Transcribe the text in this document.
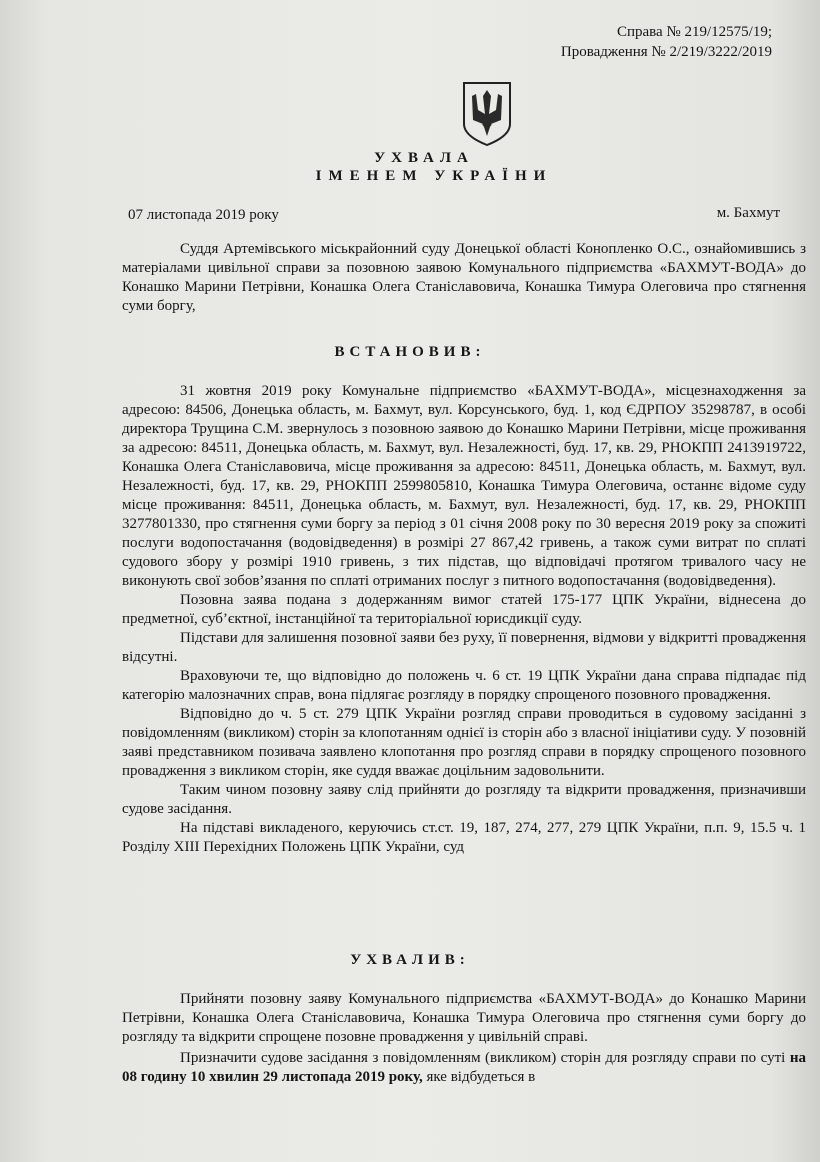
Справа № 219/12575/19;
Провадження № 2/219/3222/2019
УХВАЛА
ІМЕНЕМ УКРАЇНИ
07 листопада 2019 року	м. Бахмут

Суддя Артемівського міськрайонний суду Донецької області Конопленко О.С., ознайомившись з матеріалами цивільної справи за позовною заявою Комунального підприємства «БАХМУТ-ВОДА» до Конашко Марини Петрівни, Конашка Олега Станіславовича, Конашка Тимура Олеговича про стягнення суми боргу,

ВСТАНОВИВ:

31 жовтня 2019 року Комунальне підприємство «БАХМУТ-ВОДА», місцезнаходження за адресою: 84506, Донецька область, м. Бахмут, вул. Корсунського, буд. 1, код ЄДРПОУ 35298787, в особі директора Трущина С.М. звернулось з позовною заявою до Конашко Марини Петрівни, місце проживання за адресою: 84511, Донецька область, м. Бахмут, вул. Незалежності, буд. 17, кв. 29, РНОКПП 2413919722, Конашка Олега Станіславовича, місце проживання за адресою: 84511, Донецька область, м. Бахмут, вул. Незалежності, буд. 17, кв. 29, РНОКПП 2599805810, Конашка Тимура Олеговича, останнє відоме суду місце проживання: 84511, Донецька область, м. Бахмут, вул. Незалежності, буд. 17, кв. 29, РНОКПП 3277801330, про стягнення суми боргу за період з 01 січня 2008 року по 30 вересня 2019 року за спожиті послуги водопостачання (водовідведення) в розмірі 27 867,42 гривень, а також суми витрат по сплаті судового збору у розмірі 1910 гривень, з тих підстав, що відповідачі протягом тривалого часу не виконують свої зобов’язання по сплаті отриманих послуг з питного водопостачання (водовідведення).

Позовна заява подана з додержанням вимог статей 175-177 ЦПК України, віднесена до предметної, суб’єктної, інстанційної та територіальної юрисдикції суду.

Підстави для залишення позовної заяви без руху, її повернення, відмови у відкритті провадження відсутні.

Враховуючи те, що відповідно до положень ч. 6 ст. 19 ЦПК України дана справа підпадає під категорію малозначних справ, вона підлягає розгляду в порядку спрощеного позовного провадження.

Відповідно до ч. 5 ст. 279 ЦПК України розгляд справи проводиться в судовому засіданні з повідомленням (викликом) сторін за клопотанням однієї із сторін або з власної ініціативи суду. У позовній заяві представником позивача заявлено клопотання про розгляд справи в порядку спрощеного позовного провадження з викликом сторін, яке суддя вважає доцільним задовольнити.

Таким чином позовну заяву слід прийняти до розгляду та відкрити провадження, призначивши судове засідання.

На підставі викладеного, керуючись ст.ст. 19, 187, 274, 277, 279 ЦПК України, п.п. 9, 15.5 ч. 1 Розділу XIII Перехідних Положень ЦПК України, суд

УХВАЛИВ:

Прийняти позовну заяву Комунального підприємства «БАХМУТ-ВОДА» до Конашко Марини Петрівни, Конашка Олега Станіславовича, Конашка Тимура Олеговича про стягнення суми боргу до розгляду та відкрити спрощене позовне провадження у цивільній справі.

Призначити судове засідання з повідомленням (викликом) сторін для розгляду справи по суті на 08 годину 10 хвилин 29 листопада 2019 року, яке відбудеться в
